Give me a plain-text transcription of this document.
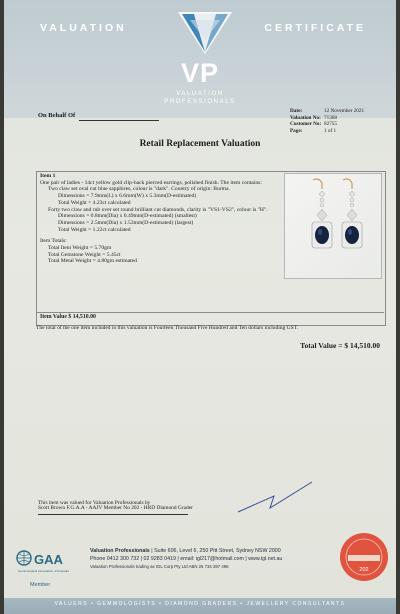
VALUATION	CERTIFICATE
VP
VALUATION
PROFESSIONALS
On Behalf Of
Date:	12 November 2021
Valuation No: 71368
Customer No: 82755
Page:	1 of 1
Retail Replacement Valuation
Item 1
One pair of ladies - 14ct yellow gold clip-back pierced earrings, polished finish. The item contains:
Two claw set oval cut blue sapphires, colour is "dark". Country of origin: Burma.
Dimensions = 7.9mm(L) x 6.6mm(W) x 5.3mm(D-estimated)
Total Weight = 4.23ct calculated
Forty two claw and rub over set round brilliant cut diamonds, clarity is "VS1-VS2", colour is "H".
Dimensions = 0.8mm(Dia) x 0.49mm(D-estimated) (smallest)
Dimensions = 2.5mm(Dia) x 1.53mm(D-estimated) (largest)
Total Weight = 1.22ct calculated
Item Totals:
Total Item Weight = 5.70gm
Total Gemstone Weight = 5.45ct
Total Metal Weight = 4.80gm estimated
Item Value $ 14,510.00
The total of the one item included in this valuation is Fourteen Thousand Five Hundred and Ten dollars including GST.
Total Value = $ 14,510.00
This item was valued for Valuation Professionals by
Scott Brown F.G.A.A - AAJV Member No 202 - HRD Diamond Grader
GAA
Gemmological Association of Australia
Member
Valuation Professionals | Suite 606, Level 6, 250 Pitt Street, Sydney NSW 2000
Phone 0412 300 732 | 02 9283 0419 | email: igl217@hotmail.com | www.igl.net.au
Valuation Professionals trading as IGL Corp Pty Ltd ABN 25 734 397 496
202
VALUERS • GEMMOLOGISTS • DIAMOND GRADERS • JEWELLERY CONSULTANTS
